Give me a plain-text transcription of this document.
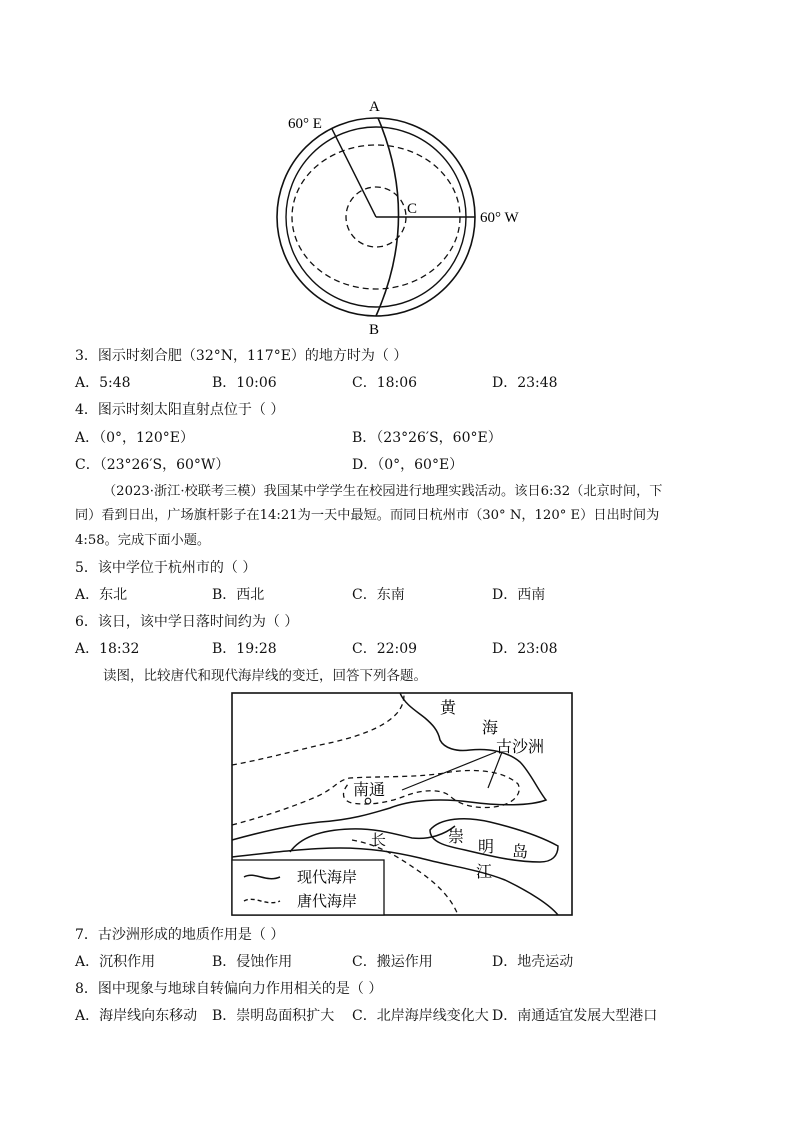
60° E
A
C
60° W
B
3．图示时刻合肥（32°N，117°E）的地方时为（ ）
A．5:48	B．10:06	C．18:06	D．23:48
4．图示时刻太阳直射点位于（ ）
A．（0°，120°E）	B．（23°26′S，60°E）
C．（23°26′S，60°W）	D．（0°，60°E）
（2023·浙江·校联考三模）我国某中学学生在校园进行地理实践活动。该日6:32（北京时间，下
同）看到日出，广场旗杆影子在14:21为一天中最短。而同日杭州市（30° N，120° E）日出时间为
4:58。完成下面小题。
5．该中学位于杭州市的（ ）
A．东北	B．西北	C．东南	D．西南
6．该日，该中学日落时间约为（ ）
A．18:32	B．19:28	C．22:09	D．23:08
读图，比较唐代和现代海岸线的变迁，回答下列各题。
黄
海
古沙洲
南通
长	崇
明 岛
江
现代海岸
唐代海岸
7．古沙洲形成的地质作用是（ ）
A．沉积作用	B．侵蚀作用	C．搬运作用	D．地壳运动
8．图中现象与地球自转偏向力作用相关的是（ ）
A．海岸线向东移动 B．崇明岛面积扩大 C．北岸海岸线变化大 D．南通适宜发展大型港口
